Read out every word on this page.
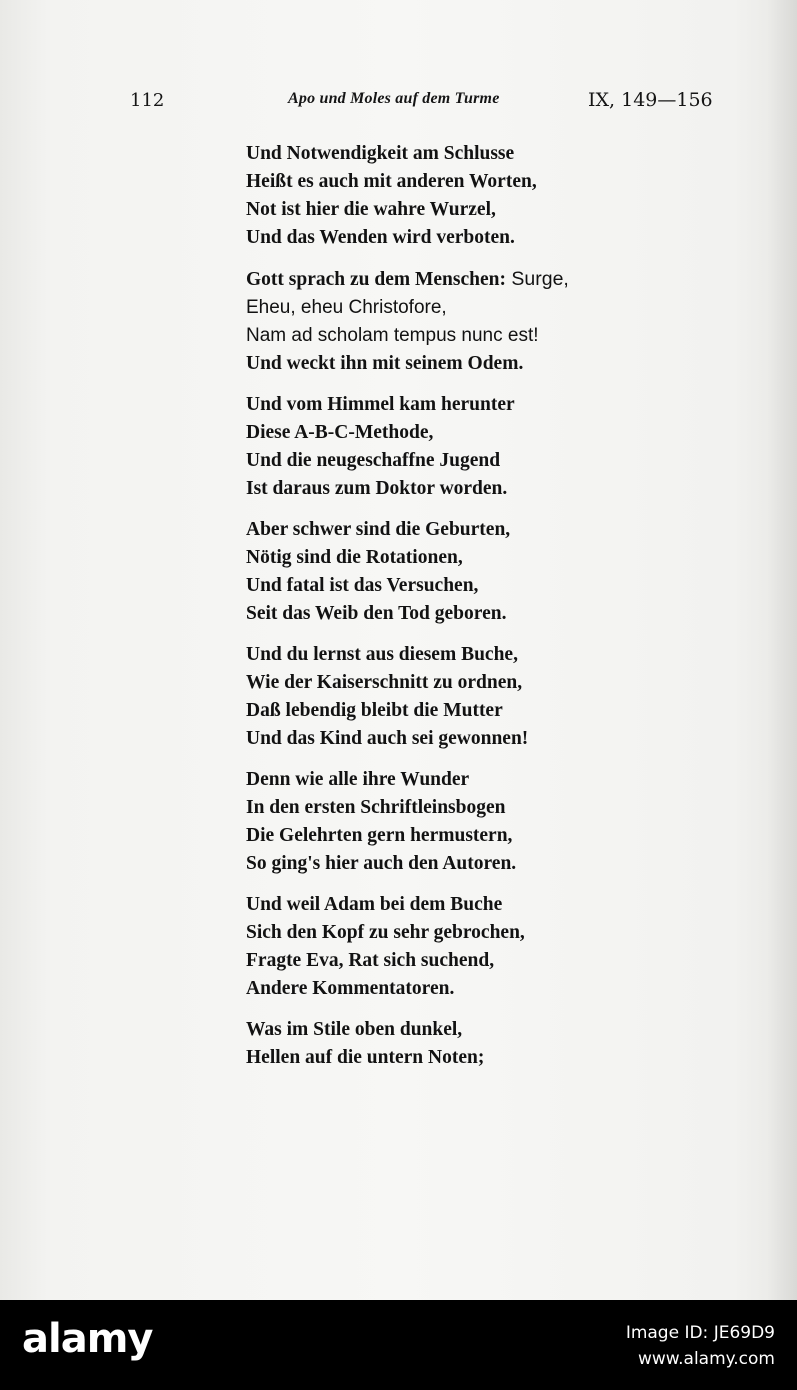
112	Apo und Moles auf dem Turme	IX, 149—156
Und Notwendigkeit am Schlusse
Heißt es auch mit anderen Worten,
Not ist hier die wahre Wurzel,
Und das Wenden wird verboten.
Gott sprach zu dem Menschen: Surge,
Eheu, eheu Christofore,
Nam ad scholam tempus nunc est!
Und weckt ihn mit seinem Odem.
Und vom Himmel kam herunter
Diese A-B-C-Methode,
Und die neugeschaffne Jugend
Ist daraus zum Doktor worden.
Aber schwer sind die Geburten,
Nötig sind die Rotationen,
Und fatal ist das Versuchen,
Seit das Weib den Tod geboren.
Und du lernst aus diesem Buche,
Wie der Kaiserschnitt zu ordnen,
Daß lebendig bleibt die Mutter
Und das Kind auch sei gewonnen!
Denn wie alle ihre Wunder
In den ersten Schriftleinsbogen
Die Gelehrten gern hermustern,
So ging's hier auch den Autoren.
Und weil Adam bei dem Buche
Sich den Kopf zu sehr gebrochen,
Fragte Eva, Rat sich suchend,
Andere Kommentatoren.
Was im Stile oben dunkel,
Hellen auf die untern Noten;
alamy	Image ID: JE69D9
www.alamy.com
